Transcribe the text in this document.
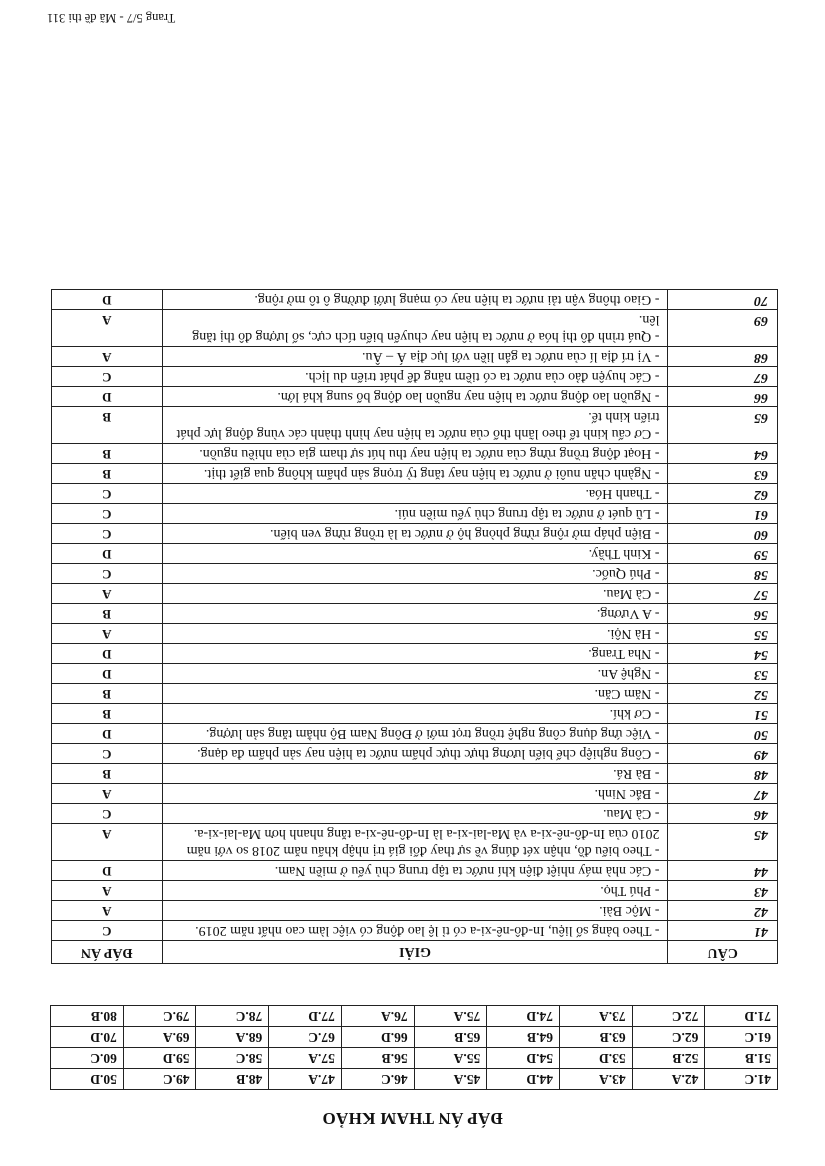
ĐÁP ÁN THAM KHẢO
41.C	42.A	43.A	44.D	45.A	46.C	47.A	48.B	49.C	50.D
51.B	52.B	53.D	54.D	55.A	56.B	57.A	58.C	59.D	60.C
61.C	62.C	63.B	64.B	65.B	66.D	67.C	68.A	69.A	70.D
71.D	72.C	73.A	74.D	75.A	76.A	77.D	78.C	79.C	80.B
CÂU	GIẢI	ĐÁP ÁN
41	- Theo bảng số liệu, In-đô-nê-xi-a có tỉ lệ lao động có việc làm cao nhất năm 2019.	C
42	- Mộc Bài.	A
43	- Phú Thọ.	A
44	- Các nhà máy nhiệt điện khí nước ta tập trung chủ yếu ở miền Nam.	D
45	- Theo biểu đồ, nhận xét đúng về sự thay đổi giá trị nhập khẩu năm 2018 so với năm 2010 của In-đô-nê-xi-a và Ma-lai-xi-a là In-đô-nê-xi-a tăng nhanh hơn Ma-lai-xi-a.	A
46	- Cà Mau.	C
47	- Bắc Ninh.	A
48	- Bà Rá.	B
49	- Công nghiệp chế biến lương thực thực phẩm nước ta hiện nay sản phẩm đa dạng.	C
50	- Việc ứng dụng công nghệ trồng trọt mới ở Đông Nam Bộ nhằm tăng sản lượng.	D
51	- Cơ khí.	B
52	- Năm Căn.	B
53	- Nghệ An.	D
54	- Nha Trang.	D
55	- Hà Nội.	A
56	- A Vương.	B
57	- Cà Mau.	A
58	- Phú Quốc.	C
59	- Kinh Thầy.	D
60	- Biện pháp mở rộng rừng phòng hộ ở nước ta là trồng rừng ven biển.	C
61	- Lũ quét ở nước ta tập trung chủ yếu miền núi.	C
62	- Thanh Hóa.	C
63	- Ngành chăn nuôi ở nước ta hiện nay tăng tỷ trọng sản phẩm không qua giết thịt.	B
64	- Hoạt động trồng rừng của nước ta hiện nay thu hút sự tham gia của nhiều nguồn.	B
65	- Cơ cấu kinh tế theo lãnh thổ của nước ta hiện nay hình thành các vùng động lực phát triển kinh tế.	B
66	- Nguồn lao động nước ta hiện nay nguồn lao động bổ sung khá lớn.	D
67	- Các huyện đảo của nước ta có tiềm năng để phát triển du lịch.	C
68	- Vị trí địa lí của nước ta gắn liền với lục địa Á – Âu.	A
69	- Quá trình đô thị hóa ở nước ta hiện nay chuyển biến tích cực, số lượng đô thị tăng lên.	A
70	- Giao thông vận tải nước ta hiện nay có mạng lưới đường ô tô mở rộng.	D
Trang 5/7 - Mã đề thi 311
